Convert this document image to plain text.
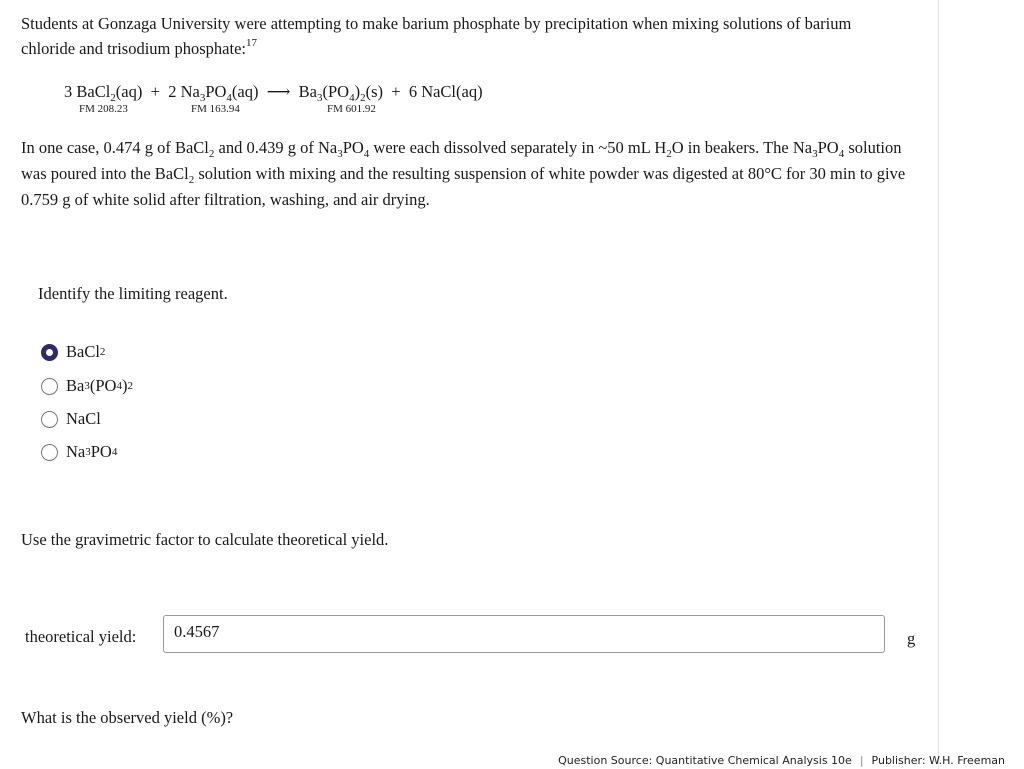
Students at Gonzaga University were attempting to make barium phosphate by precipitation when mixing solutions of barium
chloride and trisodium phosphate:$^{17}$
3 BaCl$_2$(aq) + 2 $Na_3PO_4(aq)$ ⟶ $Ba_3(PO_4)_2(s) + 6$ NaCl(aq)
FM 208.23	FM 163.94	FM 601.92
In one case, 0.474 g of BaCl$_2$ and 0.439 g of $Na_3PO_4$ were each dissolved separately in ~50 mL $H_2O$ in beakers. The $Na_3PO_4$ solution was poured into the BaCl$_2$ solution with mixing and the resulting suspension of white powder was digested at 80°C for 30 min to give 0.759 g of white solid after filtration, washing, and air drying.
Identify the limiting reagent.
BaCl 2
Ba 3 (PO 4 ) 2
NaCl
Na 3 PO 4
Use the gravimetric factor to calculate theoretical yield.
theoretical yield:
0.4567	g
What is the observed yield (%)?
Question Source: Quantitative Chemical Analysis 10e | Publisher: W.H. Freeman
